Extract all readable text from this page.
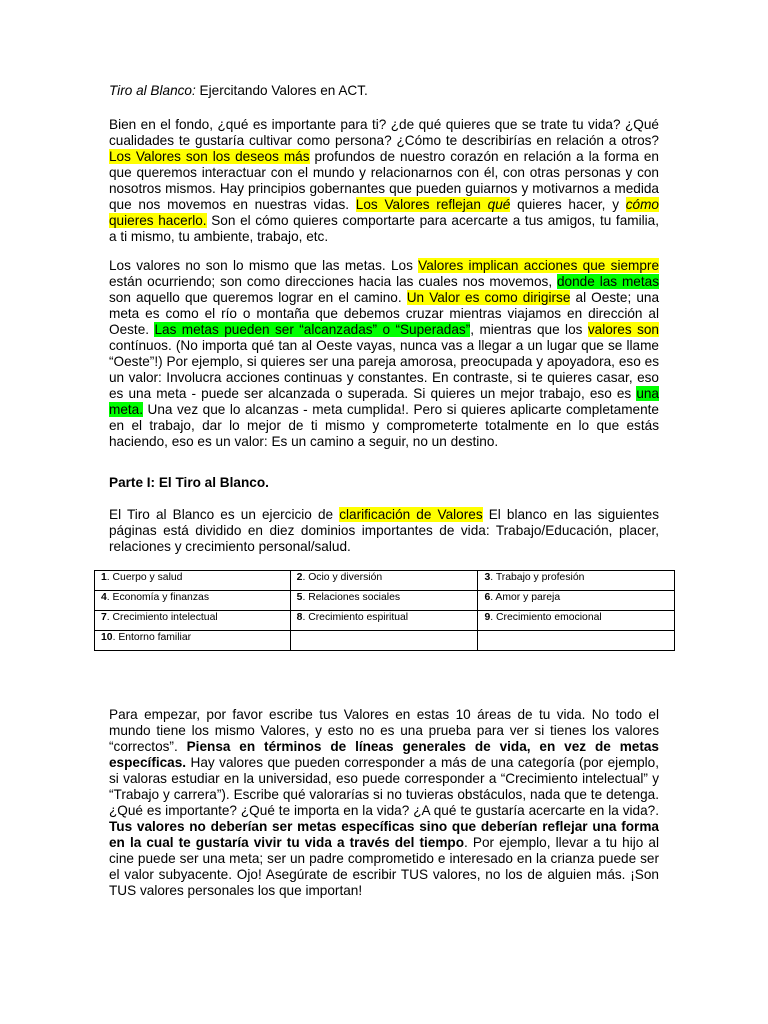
Tiro al Blanco: Ejercitando Valores en ACT.
Bien en el fondo, ¿qué es importante para ti? ¿de qué quieres que se trate tu vida? ¿Qué cualidades te gustaría cultivar como persona? ¿Cómo te describirías en relación a otros? Los Valores son los deseos más profundos de nuestro corazón en relación a la forma en que queremos interactuar con el mundo y relacionarnos con él, con otras personas y con nosotros mismos. Hay principios gobernantes que pueden guiarnos y motivarnos a medida que nos movemos en nuestras vidas. Los Valores reflejan qué quieres hacer, y cómo quieres hacerlo. Son el cómo quieres comportarte para acercarte a tus amigos, tu familia, a ti mismo, tu ambiente, trabajo, etc.
Los valores no son lo mismo que las metas. Los Valores implican acciones que siempre están ocurriendo; son como direcciones hacia las cuales nos movemos, donde las metas son aquello que queremos lograr en el camino. Un Valor es como dirigirse al Oeste; una meta es como el río o montaña que debemos cruzar mientras viajamos en dirección al Oeste. Las metas pueden ser “alcanzadas” o “Superadas”, mientras que los valores son contínuos. (No importa qué tan al Oeste vayas, nunca vas a llegar a un lugar que se llame “Oeste”!) Por ejemplo, si quieres ser una pareja amorosa, preocupada y apoyadora, eso es un valor: Involucra acciones continuas y constantes. En contraste, si te quieres casar, eso es una meta - puede ser alcanzada o superada. Si quieres un mejor trabajo, eso es una meta. Una vez que lo alcanzas - meta cumplida!. Pero si quieres aplicarte completamente en el trabajo, dar lo mejor de ti mismo y comprometerte totalmente en lo que estás haciendo, eso es un valor: Es un camino a seguir, no un destino.
Parte I: El Tiro al Blanco.
El Tiro al Blanco es un ejercicio de clarificación de Valores El blanco en las siguientes páginas está dividido en diez dominios importantes de vida: Trabajo/Educación, placer, relaciones y crecimiento personal/salud.
1. Cuerpo y salud	2. Ocio y diversión	3. Trabajo y profesión
4. Economía y finanzas	5. Relaciones sociales	6. Amor y pareja
7. Crecimiento intelectual	8. Crecimiento espiritual	9. Crecimiento emocional
10. Entorno familiar		
Para empezar, por favor escribe tus Valores en estas 10 áreas de tu vida. No todo el mundo tiene los mismo Valores, y esto no es una prueba para ver si tienes los valores “correctos”. Piensa en términos de líneas generales de vida, en vez de metas específicas. Hay valores que pueden corresponder a más de una categoría (por ejemplo, si valoras estudiar en la universidad, eso puede corresponder a “Crecimiento intelectual” y “Trabajo y carrera”). Escribe qué valorarías si no tuvieras obstáculos, nada que te detenga. ¿Qué es importante? ¿Qué te importa en la vida? ¿A qué te gustaría acercarte en la vida?. Tus valores no deberían ser metas específicas sino que deberían reflejar una forma en la cual te gustaría vivir tu vida a través del tiempo. Por ejemplo, llevar a tu hijo al cine puede ser una meta; ser un padre comprometido e interesado en la crianza puede ser el valor subyacente. Ojo! Asegúrate de escribir TUS valores, no los de alguien más. ¡Son TUS valores personales los que importan!
